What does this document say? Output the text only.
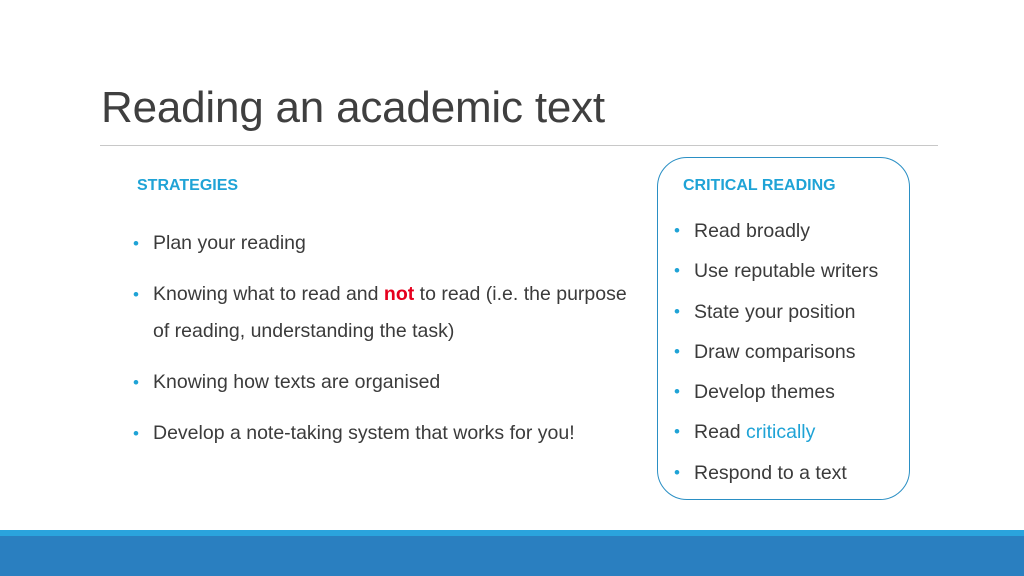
Reading an academic text
STRATEGIES
• Plan your reading
• Knowing what to read and not to read (i.e. the purpose of reading, understanding the task)
• Knowing how texts are organised
• Develop a note-taking system that works for you!
CRITICAL READING
• Read broadly
• Use reputable writers
• State your position
• Draw comparisons
• Develop themes
• Read critically
• Respond to a text
